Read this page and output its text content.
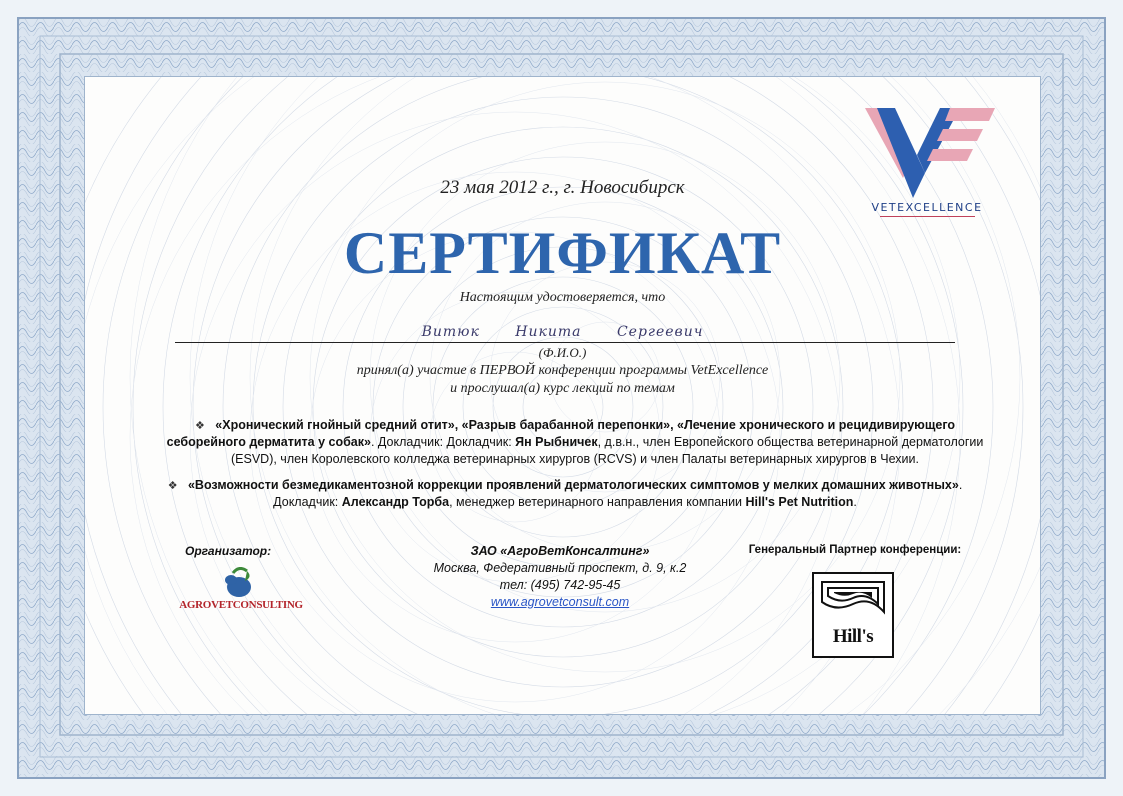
VETEXCELLENCE
23 мая 2012 г., г. Новосибирск
СЕРТИФИКАТ
Настоящим удостоверяется, что
Витюк Никита Сергеевич
(Ф.И.О.)
принял(а) участие в ПЕРВОЙ конференции программы VetExcellence
и прослушал(а) курс лекций по темам
❖ «Хронический гнойный средний отит», «Разрыв барабанной перепонки», «Лечение хронического и рецидивирующего себорейного дерматита у собак». Докладчик: Докладчик: Ян Рыбничек, д.в.н., член Европейского общества ветеринарной дерматологии (ESVD), член Королевского колледжа ветеринарных хирургов (RCVS) и член Палаты ветеринарных хирургов в Чехии.
❖ «Возможности безмедикаментозной коррекции проявлений дерматологических симптомов у мелких домашних животных». Докладчик: Александр Торба, менеджер ветеринарного направления компании Hill's Pet Nutrition.
Организатор:
AGROVETCONSULTING
ЗАО «АгроВетКонсалтинг»
Москва, Федеративный проспект, д. 9, к.2
тел: (495) 742-95-45
www.agrovetconsult.com
Генеральный Партнер конференции:
Hill's
